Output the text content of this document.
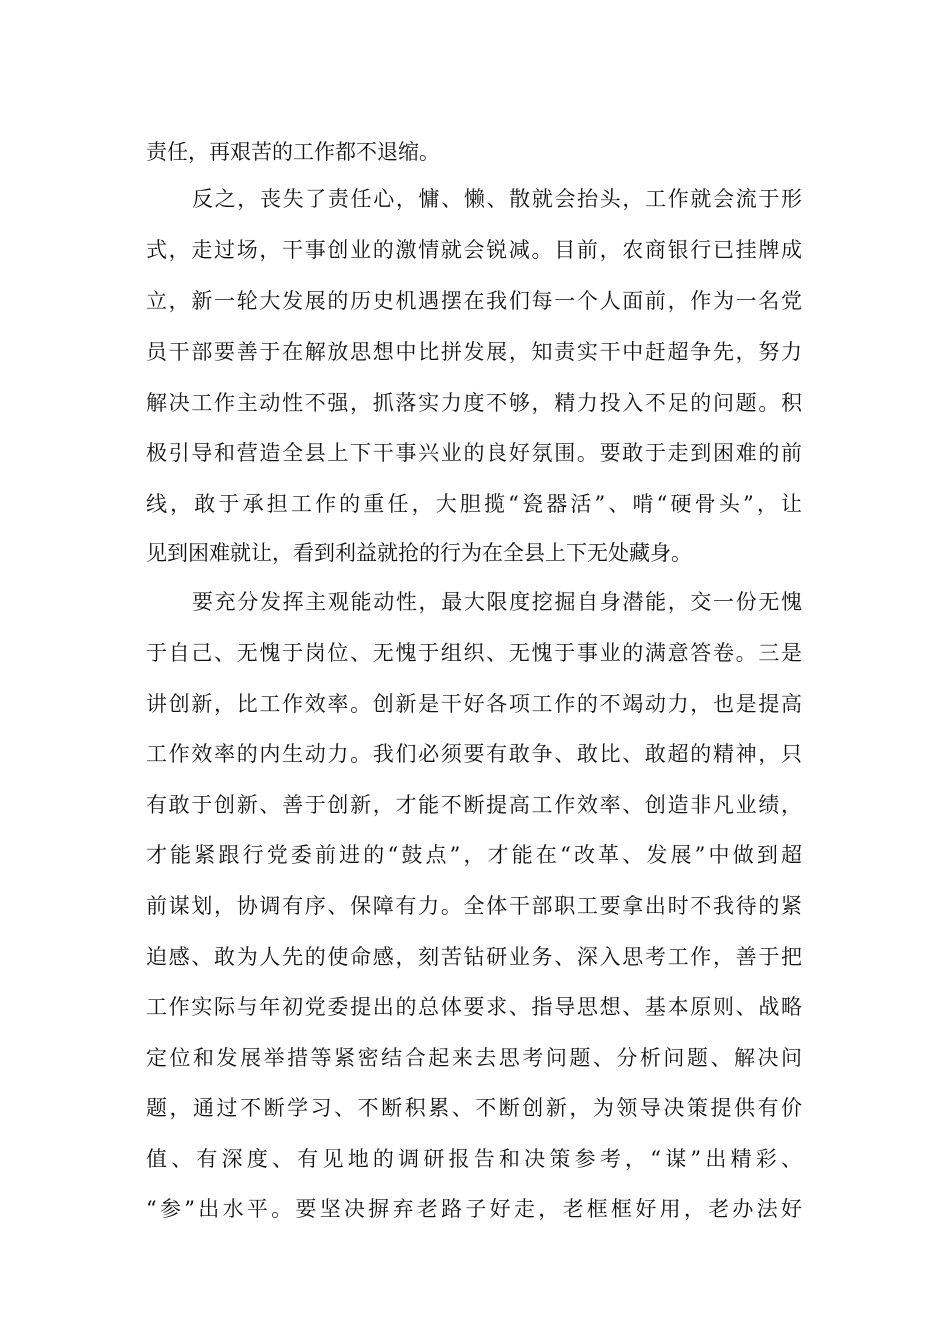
责任，再艰苦的工作都不退缩。
反之，丧失了责任心，慵、懒、散就会抬头，工作就会流于形
式，走过场，干事创业的激情就会锐减。目前，农商银行已挂牌成
立，新一轮大发展的历史机遇摆在我们每一个人面前，作为一名党
员干部要善于在解放思想中比拼发展，知责实干中赶超争先，努力
解决工作主动性不强，抓落实力度不够，精力投入不足的问题。积
极引导和营造全县上下干事兴业的良好氛围。要敢于走到困难的前
线，敢于承担工作的重任，大胆揽“瓷器活”、啃“硬骨头”，让
见到困难就让，看到利益就抢的行为在全县上下无处藏身。
要充分发挥主观能动性，最大限度挖掘自身潜能，交一份无愧
于自己、无愧于岗位、无愧于组织、无愧于事业的满意答卷。三是
讲创新，比工作效率。创新是干好各项工作的不竭动力，也是提高
工作效率的内生动力。我们必须要有敢争、敢比、敢超的精神，只
有敢于创新、善于创新，才能不断提高工作效率、创造非凡业绩，
才能紧跟行党委前进的“鼓点”，才能在“改革、发展”中做到超
前谋划，协调有序、保障有力。全体干部职工要拿出时不我待的紧
迫感、敢为人先的使命感，刻苦钻研业务、深入思考工作，善于把
工作实际与年初党委提出的总体要求、指导思想、基本原则、战略
定位和发展举措等紧密结合起来去思考问题、分析问题、解决问
题，通过不断学习、不断积累、不断创新，为领导决策提供有价
值、有深度、有见地的调研报告和决策参考，“谋”出精彩、
“参”出水平。要坚决摒弃老路子好走，老框框好用，老办法好
